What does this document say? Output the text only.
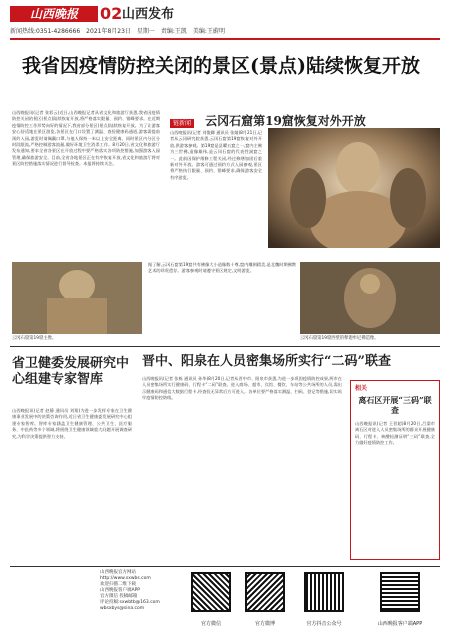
山西晚报	02 山西发布
新闻热线:0351-4286666　2021年8月23日　星期一　责编:王凯　美编:王蔚明
我省因疫情防控关闭的景区(景点)陆续恢复开放
山西晚报讯(记者 张彩云)近日,山西晚报记者从省文化和旅游厅获悉,我省因疫情防控关闭的景区(景点)陆续恢复开放,将严格落实限量、预约、错峰要求。在近期疫情防控工作形势向好的情况下,我省部分景区(景点)陆续恢复开放。为了让游客安心舒适地在景区游览,各景区在门口设置了测温、查验健康码通道,游客需提前预约入园,游览时请佩戴口罩,与他人保持一米以上安全距离。同时景区内分区分时段限流,严格控制游客流量,做好环境卫生消杀工作。8月20日,省文化和旅游厅发布通知,要求全省各景区在开放过程中要严格落实各项防控措施,加强游客入园管理,确保旅游安全。目前,全省各地景区正在有序恢复开放,省文化和旅游厅将对景区防控措施落实情况进行督导检查。本报将持续关注。
链新闻 云冈石窟第19窟恢复对外开放
山西晚报讯(记者 刘俊卿 通讯员 张婧)8月21日,记者从云冈研究院获悉,云冈石窟第19窟恢复对外开放,供游客参观。第19窟是昙曜五窟之一,窟内主佛为三世佛,造像雄伟,是云冈石窟的代表性洞窟之一。此前因保护维修工程关闭,经过修缮加固后重新对外开放。游客可通过预约方式入园参观,景区将严格执行限量、预约、错峰要求,确保游客安全有序游览。
云冈石窟第19窟主像。
据了解,云冈石窟第19窟共有佛像大小造像数十尊,窟内雕刻精美,是北魏时期佛教艺术的珍贵遗存。游客参观时请遵守景区规定,文明游览。
云冈石窟第19窟西壁的释迦牟尼佛造像。
省卫健委发展研究中心组建专家智库
山西晚报讯(记者 赵静 通讯员 刘翔)为进一步发挥专家在卫生健康事业发展中的决策咨询作用,近日省卫生健康委发展研究中心组建专家智库。智库专家涵盖卫生健康管理、公共卫生、医疗服务、中医药等多个领域,将围绕卫生健康领域重大问题开展调查研究,为科学决策提供智力支持。
晋中、阳泉在人员密集场所实行“二码”联查
山西晚报讯(记者 张栋 通讯员 孙华)8月20日,记者从晋中市、阳泉市获悉,为进一步巩固疫情防控成果,两市在人员密集场所实行健康码、行程卡“二码”联查。进入商场、超市、宾馆、餐饮、车站等公共场所的人员,需出示健康码和通信大数据行程卡,经查验无异常后方可进入。各单位要严格落实测温、扫码、登记等措施,切实筑牢疫情防控防线。
相关
离石区开展“三码”联查
山西晚报讯(记者 王晋超)8月20日,吕梁市离石区对进入人员密集场所的群众开展健康码、行程卡、核酸检测证明“三码”联查,全力做好疫情防控工作。
山西晚报官方网站
http://www.sxwbs.com
欢迎扫描二维下载
山西晚报客户端APP
官方微信 投稿邮箱
评论投稿:sxwbtb@163.com
wbsxbys@sina.com
官方微信	官方微博	官方抖音公众号	山西晚报客户端APP
